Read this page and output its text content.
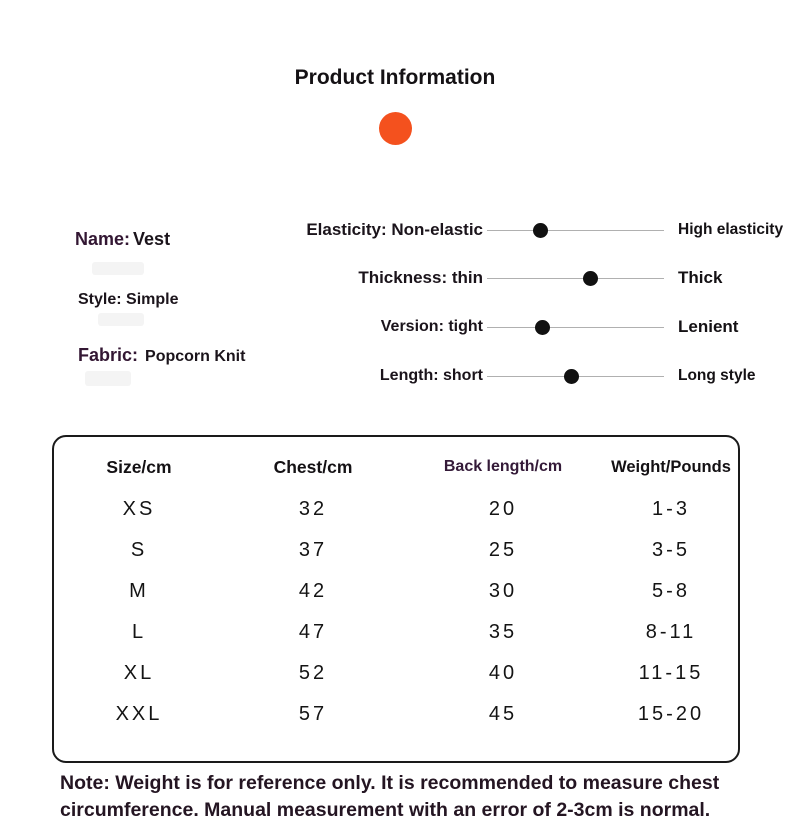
Product Information
Name: Vest
Style: Simple
Fabric: Popcorn Knit
Elasticity: Non-elastic	High elasticity
Thickness: thin	Thick
Version: tight	Lenient
Length: short	Long style
Size/cm	Chest/cm	Back length/cm	Weight/Pounds
XS	32	20	1-3
S	37	25	3-5
M	42	30	5-8
L	47	35	8-11
XL	52	40	11-15
XXL	57	45	15-20
Note: Weight is for reference only. It is recommended to measure chest
circumference. Manual measurement with an error of 2-3cm is normal.
